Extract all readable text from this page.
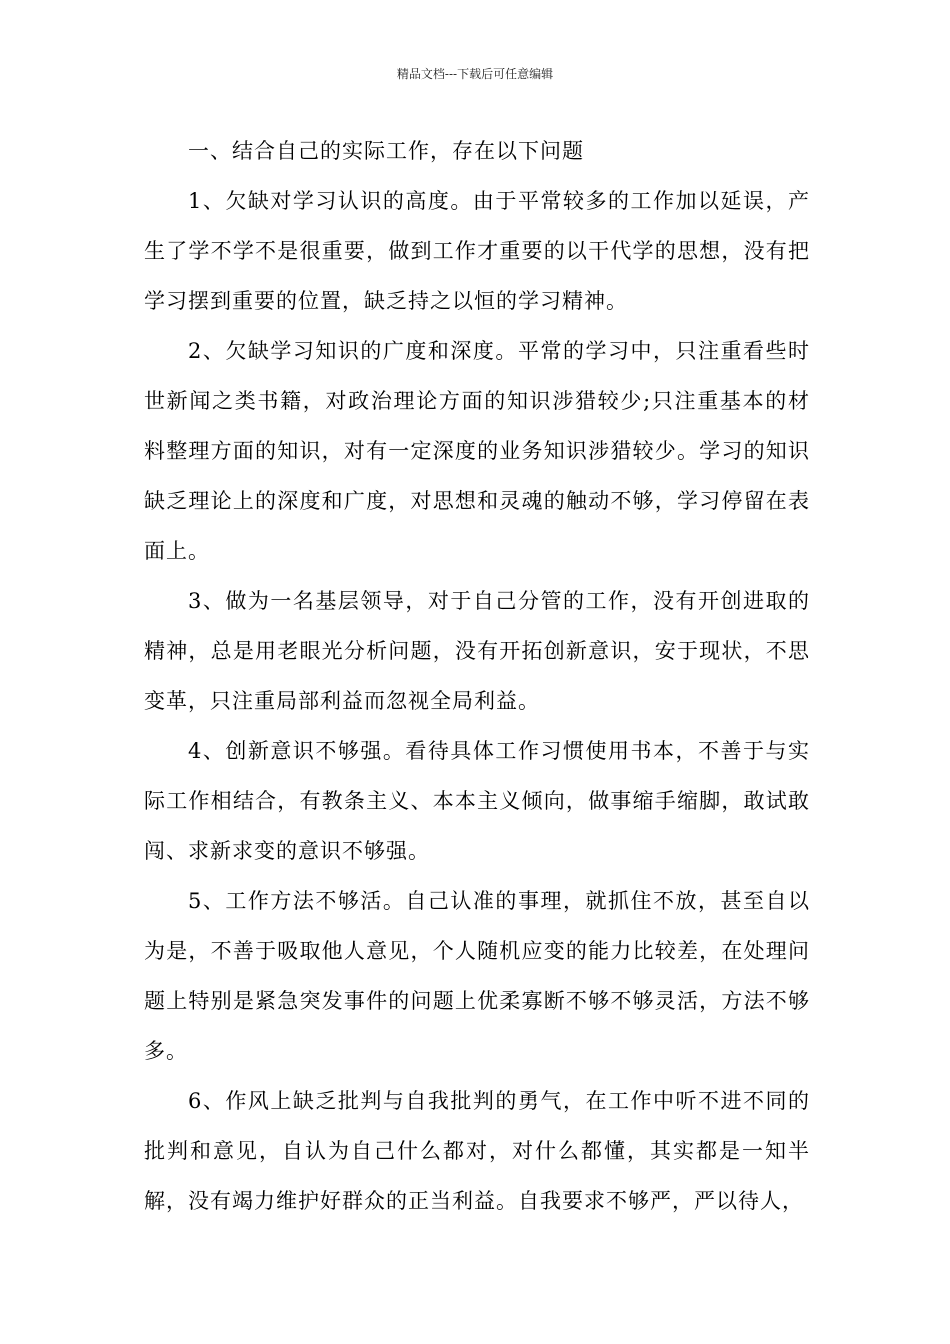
精品文档---下载后可任意编辑

一、结合自己的实际工作，存在以下问题

1、欠缺对学习认识的高度。由于平常较多的工作加以延误，产生了学不学不是很重要，做到工作才重要的以干代学的思想，没有把学习摆到重要的位置，缺乏持之以恒的学习精神。

2、欠缺学习知识的广度和深度。平常的学习中，只注重看些时世新闻之类书籍，对政治理论方面的知识涉猎较少;只注重基本的材料整理方面的知识，对有一定深度的业务知识涉猎较少。学习的知识缺乏理论上的深度和广度，对思想和灵魂的触动不够，学习停留在表面上。

3、做为一名基层领导，对于自己分管的工作，没有开创进取的精神，总是用老眼光分析问题，没有开拓创新意识，安于现状，不思变革，只注重局部利益而忽视全局利益。

4、创新意识不够强。看待具体工作习惯使用书本，不善于与实际工作相结合，有教条主义、本本主义倾向，做事缩手缩脚，敢试敢闯、求新求变的意识不够强。

5、工作方法不够活。自己认准的事理，就抓住不放，甚至自以为是，不善于吸取他人意见，个人随机应变的能力比较差，在处理问题上特别是紧急突发事件的问题上优柔寡断不够不够灵活，方法不够多。

6、作风上缺乏批判与自我批判的勇气，在工作中听不进不同的批判和意见，自认为自己什么都对，对什么都懂，其实都是一知半解，没有竭力维护好群众的正当利益。自我要求不够严，严以待人，
